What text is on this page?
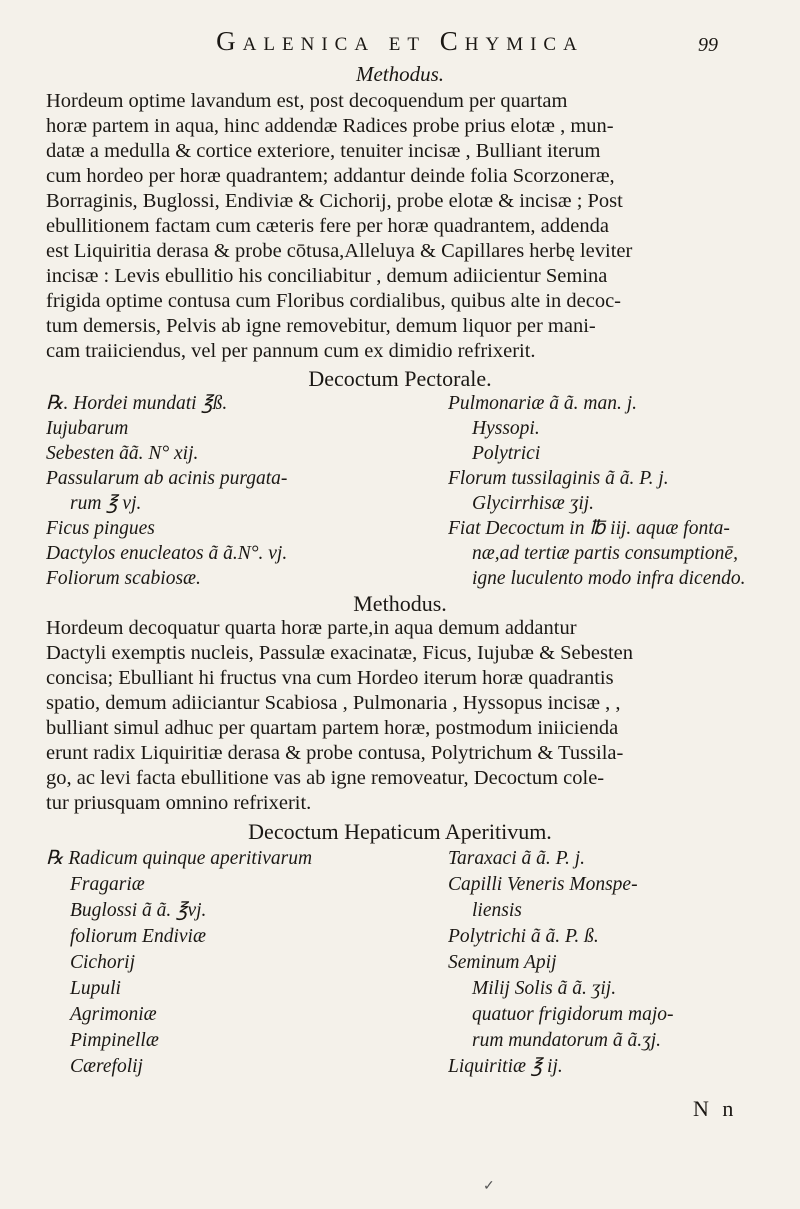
Galenica et Chymica	99
Methodus.
Hordeum optime lavandum est, post decoquendum per quartam
horæ partem in aqua, hinc addendæ Radices probe prius elotæ , mun-
datæ a medulla & cortice exteriore, tenuiter incisæ , Bulliant iterum
cum hordeo per horæ quadrantem; addantur deinde folia Scorzoneræ,
Borraginis, Buglossi, Endiviæ & Cichorij, probe elotæ & incisæ ; Post
ebullitionem factam cum cæteris fere per horæ quadrantem, addenda
est Liquiritia derasa & probe cōtusa,Alleluya & Capillares herbę leviter
incisæ : Levis ebullitio his conciliabitur , demum adiicientur Semina
frigida optime contusa cum Floribus cordialibus, quibus alte in decoc-
tum demersis, Pelvis ab igne removebitur, demum liquor per mani-
cam traiiciendus, vel per pannum cum ex dimidio refrixerit.
Decoctum Pectorale.
℞. Hordei mundati ℥ß.
Iujubarum
Sebesten ãã. N° xij.
Passularum ab acinis purgata-
rum ℥ vj.
Ficus pingues
Dactylos enucleatos ã ã.N°. vj.
Foliorum scabiosæ.
Pulmonariæ ã ã. man. j.
Hyssopi.
Polytrici
Florum tussilaginis ã ã. P. j.
Glycirrhisæ ʒij.
Fiat Decoctum in ℔ iij. aquæ fonta-
næ,ad tertiæ partis consumptionē,
igne luculento modo infra dicendo.
Methodus.
Hordeum decoquatur quarta horæ parte,in aqua demum addantur
Dactyli exemptis nucleis, Passulæ exacinatæ, Ficus, Iujubæ & Sebesten
concisa; Ebulliant hi fructus vna cum Hordeo iterum horæ quadrantis
spatio, demum adiiciantur Scabiosa , Pulmonaria , Hyssopus incisæ , ,
bulliant simul adhuc per quartam partem horæ, postmodum iniicienda
erunt radix Liquiritiæ derasa & probe contusa, Polytrichum & Tussila-
go, ac levi facta ebullitione vas ab igne removeatur, Decoctum cole-
tur priusquam omnino refrixerit.
Decoctum Hepaticum Aperitivum.
℞ Radicum quinque aperitivarum
Fragariæ
Buglossi ã ã. ℥vj.
foliorum Endiviæ
Cichorij
Lupuli
Agrimoniæ
Pimpinellæ
Cærefolij
Taraxaci ã ã. P. j.
Capilli Veneris Monspe-
liensis
Polytrichi ã ã. P. ß.
Seminum Apij
Milij Solis ã ã. ʒij.
quatuor frigidorum majo-
rum mundatorum ã ã.ʒj.
Liquiritiæ ℥ ij.
N n
✓
